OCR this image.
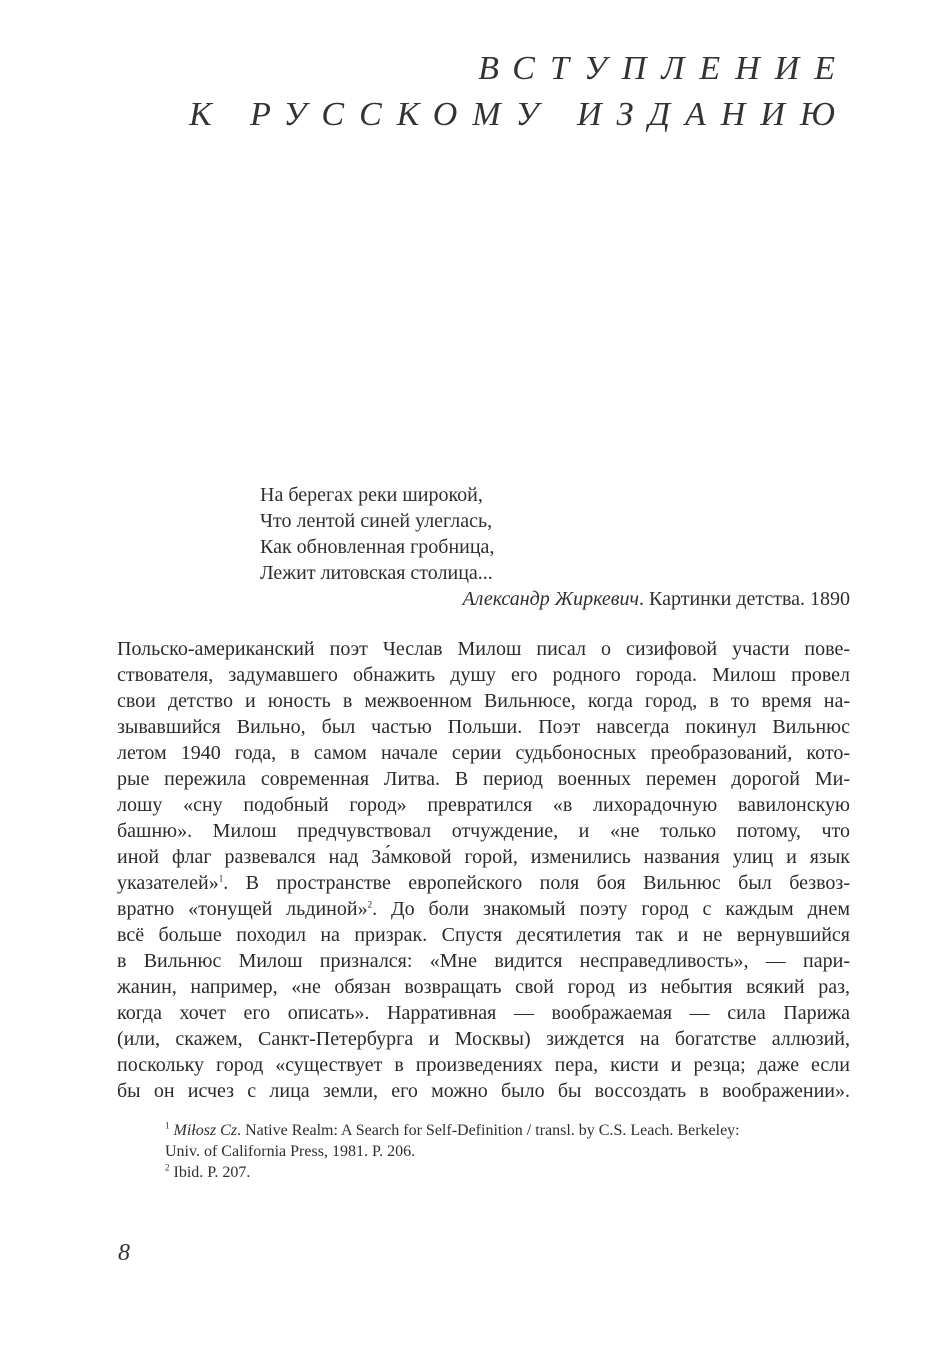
ВСТУПЛЕНИЕ
К РУССКОМУ ИЗДАНИЮ
На берегах реки широкой,
Что лентой синей улеглась,
Как обновленная гробница,
Лежит литовская столица...
Александр Жиркевич. Картинки детства. 1890
Польско-американский поэт Чеслав Милош писал о сизифовой участи пове-
ствователя, задумавшего обнажить душу его родного города. Милош провел
свои детство и юность в межвоенном Вильнюсе, когда город, в то время на-
зывавшийся Вильно, был частью Польши. Поэт навсегда покинул Вильнюс
летом 1940 года, в самом начале серии судьбоносных преобразований, кото-
рые пережила современная Литва. В период военных перемен дорогой Ми-
лошу «сну подобный город» превратился «в лихорадочную вавилонскую
башню». Милош предчувствовал отчуждение, и «не только потому, что
иной флаг развевался над За́мковой горой, изменились названия улиц и язык
указателей»$^1$. В пространстве европейского поля боя Вильнюс был безвоз-
вратно «тонущей льдиной»$^2$. До боли знакомый поэту город с каждым днем
всё больше походил на призрак. Спустя десятилетия так и не вернувшийся
в Вильнюс Милош признался: «Мне видится несправедливость», — пари-
жанин, например, «не обязан возвращать свой город из небытия всякий раз,
когда хочет его описать». Нарративная — воображаемая — сила Парижа
(или, скажем, Санкт-Петербурга и Москвы) зиждется на богатстве аллюзий,
поскольку город «существует в произведениях пера, кисти и резца; даже если
бы он исчез с лица земли, его можно было бы воссоздать в воображении».
$^1$ Miłosz Cz. Native Realm: A Search for Self-Definition / transl. by C.S. Leach. Berkeley:
Univ. of California Press, 1981. P. 206.
$^2$ Ibid. P. 207.
8
